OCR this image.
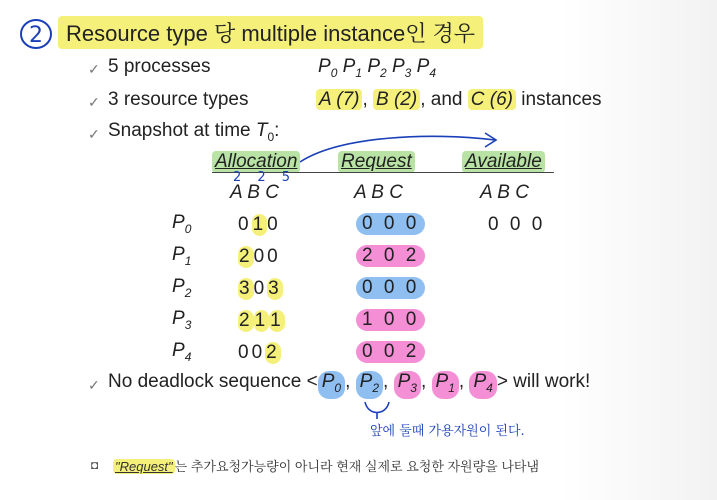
2	Resource type 당 multiple instance인 경우
✓ 5 processes	$P_0$ $P_1$ $P_2$ $P_3$ $P_4$
✓ 3 resource types	A (7) , B (2) , and C (6) instances
✓ Snapshot at time $T_0$:
Allocation Request	Available
2 2 5
A B C	A B C	A B C
$P_0$ 010	0 0 0	0 0 0
$P_1$	200	2 0 2
$P_2$	303	0 0 0
$P_3$	2 1 1	1 0 0
$P_4$ 002	0 0 2
✓ No deadlock sequence < $P_0$ , $P_2$ , $P_3$ , $P_1$ , $P_4$ > will work!
앞에 둘때 가용자원이 된다.
◘ "Request" 는 추가요청가능량이 아니라 현재 실제로 요청한 자원량을 나타냄
